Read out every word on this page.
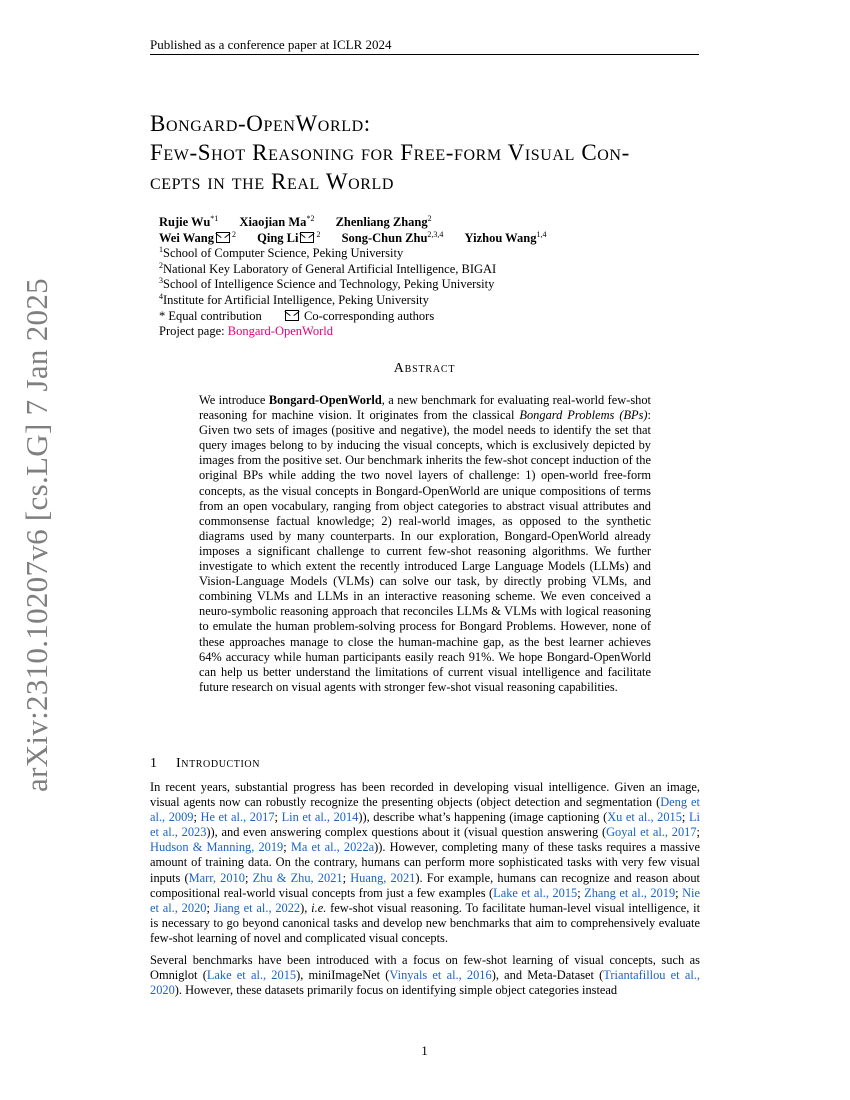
Published as a conference paper at ICLR 2024
arXiv:2310.10207v6 [cs.LG] 7 Jan 2025
Bongard-OpenWorld:
Few-Shot Reasoning for Free-form Visual Con-
cepts in the Real World
Rujie Wu$^{*1}$ Xiaojian Ma$^{*2}$ Zhenliang Zhang$^2$
Wei Wang $^2$ Qing Li $^2$ Song-Chun Zhu$^{2,3,4}$ Yizhou Wang$^{1,4}$
$^1$School of Computer Science, Peking University
$^2$National Key Laboratory of General Artificial Intelligence, BIGAI
$^3$School of Intelligence Science and Technology, Peking University
$^4$Institute for Artificial Intelligence, Peking University
* Equal contribution	Co-corresponding authors
Project page: Bongard-OpenWorld
Abstract
We introduce Bongard-OpenWorld, a new benchmark for evaluating real-world few-shot reasoning for machine vision. It originates from the classical Bongard Problems (BPs): Given two sets of images (positive and negative), the model needs to identify the set that query images belong to by inducing the visual concepts, which is exclusively depicted by images from the positive set. Our benchmark inherits the few-shot concept induction of the original BPs while adding the two novel layers of challenge: 1) open-world free-form concepts, as the visual concepts in Bongard-OpenWorld are unique compositions of terms from an open vocabulary, ranging from object categories to abstract visual attributes and commonsense factual knowledge; 2) real-world images, as opposed to the synthetic diagrams used by many counterparts. In our exploration, Bongard-OpenWorld already imposes a significant challenge to current few-shot reasoning algorithms. We further investigate to which extent the recently introduced Large Language Models (LLMs) and Vision-Language Models (VLMs) can solve our task, by directly probing VLMs, and combining VLMs and LLMs in an interactive reasoning scheme. We even conceived a neuro-symbolic reasoning approach that reconciles LLMs & VLMs with logical reasoning to emulate the human problem-solving process for Bongard Problems. However, none of these approaches manage to close the human-machine gap, as the best learner achieves 64% accuracy while human participants easily reach 91%. We hope Bongard-OpenWorld can help us better understand the limitations of current visual intelligence and facilitate future research on visual agents with stronger few-shot visual reasoning capabilities.
1 Introduction

In recent years, substantial progress has been recorded in developing visual intelligence. Given an image, visual agents now can robustly recognize the presenting objects (object detection and segmentation (Deng et al., 2009; He et al., 2017; Lin et al., 2014)), describe what’s happening (image captioning (Xu et al., 2015; Li et al., 2023)), and even answering complex questions about it (visual question answering (Goyal et al., 2017; Hudson & Manning, 2019; Ma et al., 2022a)). However, completing many of these tasks requires a massive amount of training data. On the contrary, humans can perform more sophisticated tasks with very few visual inputs (Marr, 2010; Zhu & Zhu, 2021; Huang, 2021). For example, humans can recognize and reason about compositional real-world visual concepts from just a few examples (Lake et al., 2015; Zhang et al., 2019; Nie et al., 2020; Jiang et al., 2022), i.e. few-shot visual reasoning. To facilitate human-level visual intelligence, it is necessary to go beyond canonical tasks and develop new benchmarks that aim to comprehensively evaluate few-shot learning of novel and complicated visual concepts.

Several benchmarks have been introduced with a focus on few-shot learning of visual concepts, such as Omniglot (Lake et al., 2015), miniImageNet (Vinyals et al., 2016), and Meta-Dataset (Triantafillou et al., 2020). However, these datasets primarily focus on identifying simple object categories instead

1
